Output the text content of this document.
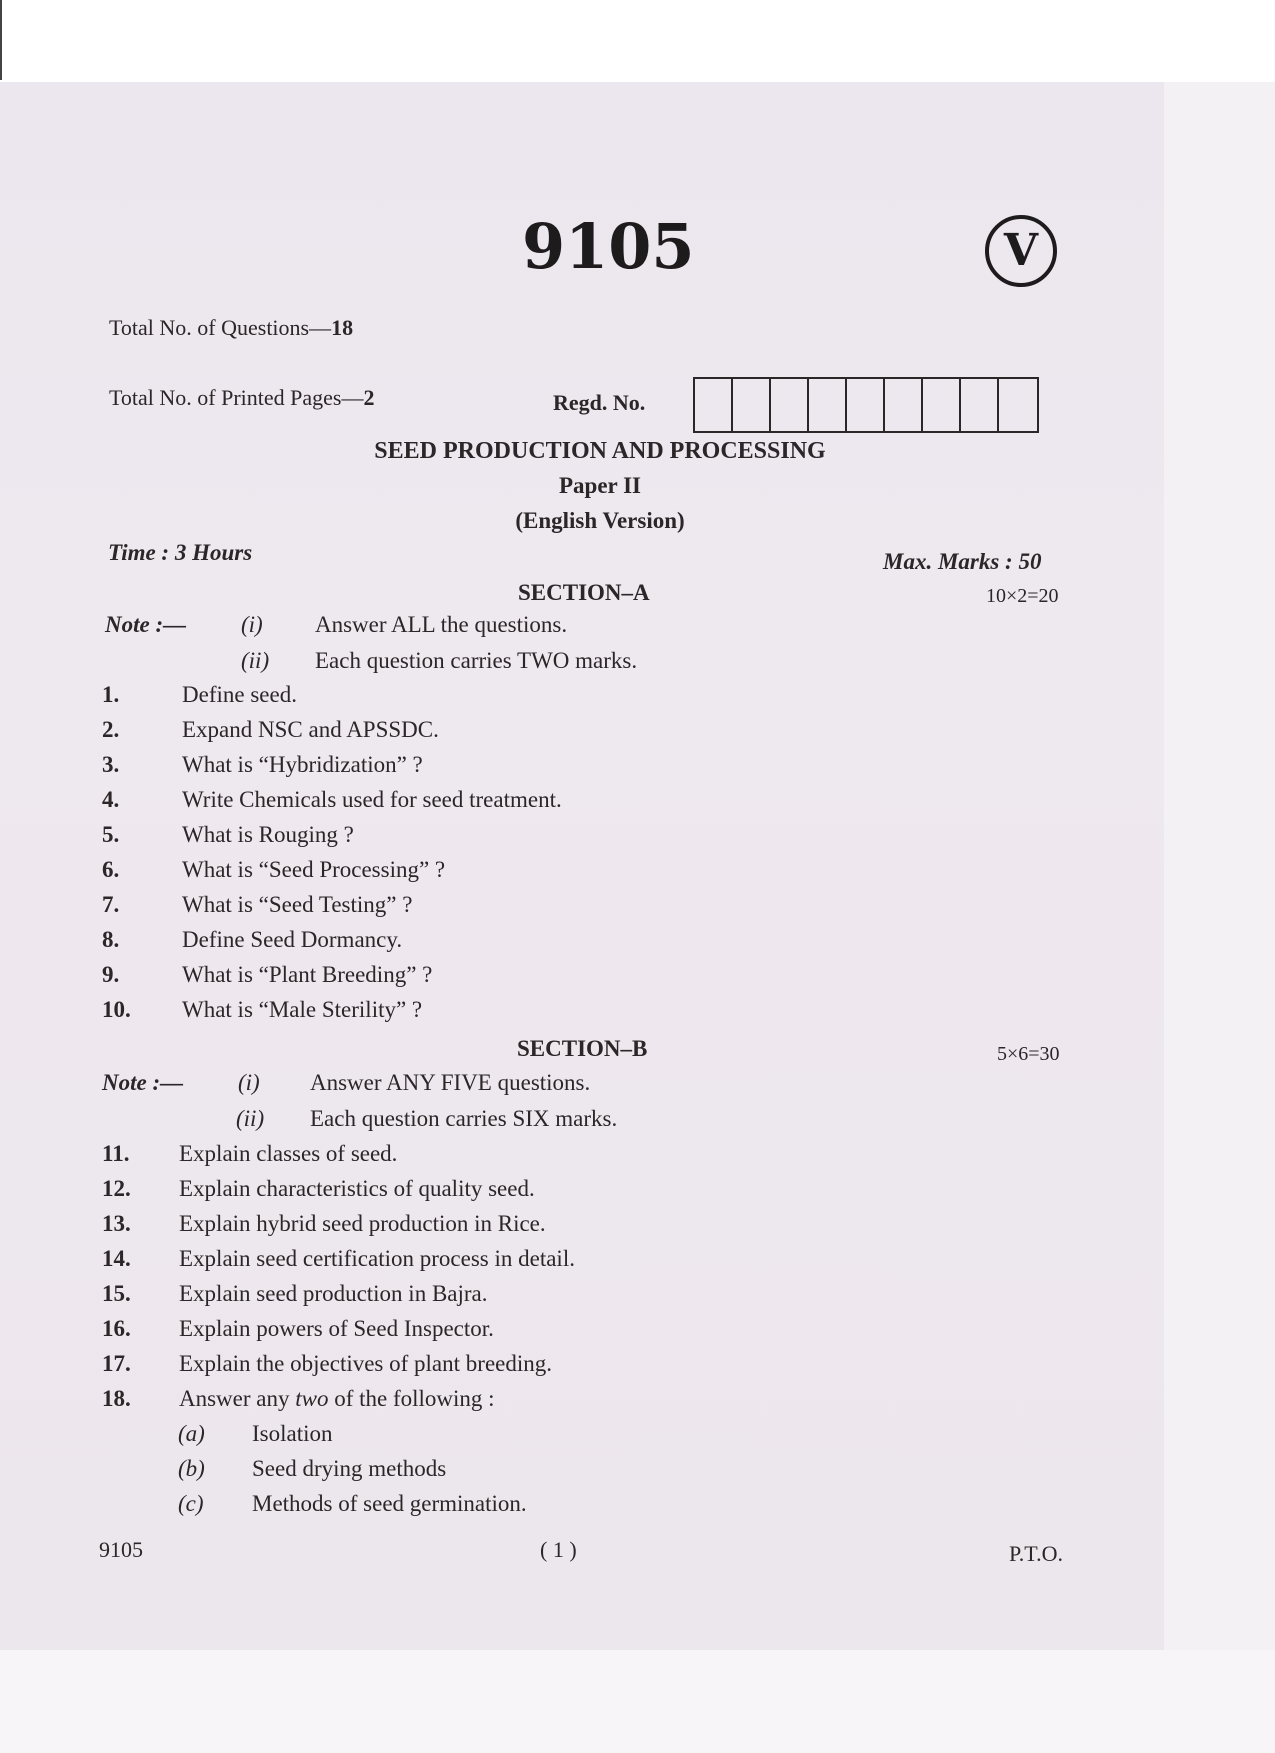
9105	V
Total No. of Questions—18
Total No. of Printed Pages—2	Regd. No.
SEED PRODUCTION AND PROCESSING
Paper II
(English Version)
Time : 3 Hours	Max. Marks : 50
SECTION–A	10×2=20
Note :— (i) Answer ALL the questions.
(ii) Each question carries TWO marks.
1.	Define seed.
2.	Expand NSC and APSSDC.
3.	What is “Hybridization” ?
4.	Write Chemicals used for seed treatment.
5.	What is Rouging ?
6.	What is “Seed Processing” ?
7.	What is “Seed Testing” ?
8.	Define Seed Dormancy.
9.	What is “Plant Breeding” ?
10. What is “Male Sterility” ?
SECTION–B	5×6=30
Note :— (i) Answer ANY FIVE questions.
(ii) Each question carries SIX marks.
11. Explain classes of seed.
12. Explain characteristics of quality seed.
13. Explain hybrid seed production in Rice.
14. Explain seed certification process in detail.
15. Explain seed production in Bajra.
16. Explain powers of Seed Inspector.
17. Explain the objectives of plant breeding.
18. Answer any two of the following :
(a) Isolation
(b) Seed drying methods
(c) Methods of seed germination.
9105	( 1 )	P.T.O.
